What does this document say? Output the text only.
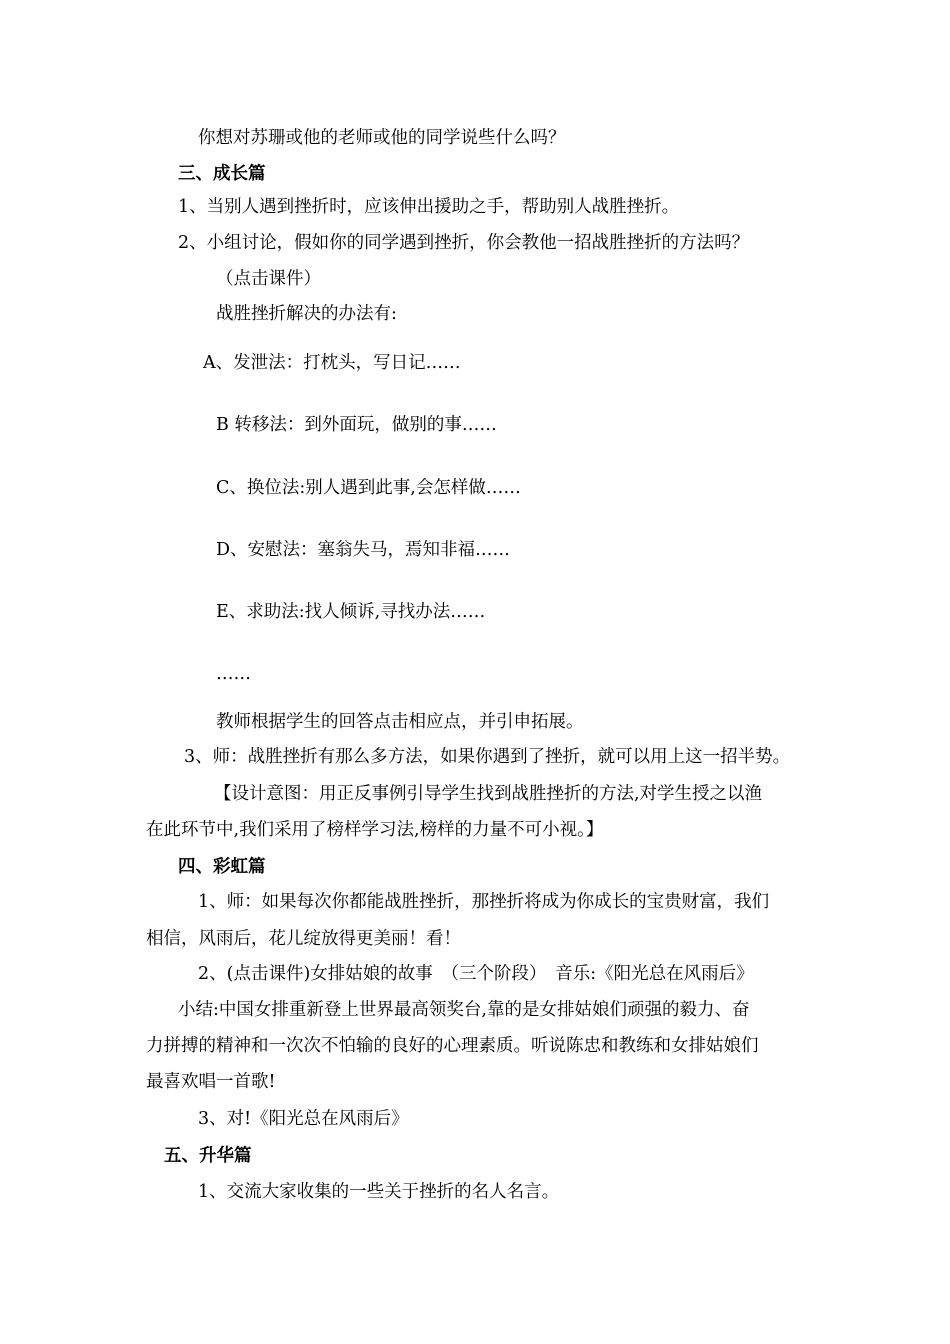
你想对苏珊或他的老师或他的同学说些什么吗？
三、成长篇
1、当别人遇到挫折时，应该伸出援助之手，帮助别人战胜挫折。
2、小组讨论，假如你的同学遇到挫折，你会教他一招战胜挫折的方法吗？
（点击课件）
战胜挫折解决的办法有:
A、发泄法：打枕头，写日记……
B 转移法：到外面玩，做别的事……
C、换位法:别人遇到此事,会怎样做……
D、安慰法：塞翁失马，焉知非福……
E、求助法:找人倾诉,寻找办法……
……
教师根据学生的回答点击相应点，并引申拓展。
3、师：战胜挫折有那么多方法，如果你遇到了挫折，就可以用上这一招半势。
【设计意图：用正反事例引导学生找到战胜挫折的方法,对学生授之以渔
在此环节中,我们采用了榜样学习法,榜样的力量不可小视。】
四、彩虹篇
1、师：如果每次你都能战胜挫折，那挫折将成为你成长的宝贵财富，我们
相信，风雨后，花儿绽放得更美丽！看！
2、(点击课件)女排姑娘的故事　（三个阶段）　音乐:《阳光总在风雨后》
小结:中国女排重新登上世界最高领奖台,靠的是女排姑娘们顽强的毅力、奋
力拼搏的精神和一次次不怕输的良好的心理素质。听说陈忠和教练和女排姑娘们
最喜欢唱一首歌!
3、对!《阳光总在风雨后》
五、升华篇
1、交流大家收集的一些关于挫折的名人名言。
